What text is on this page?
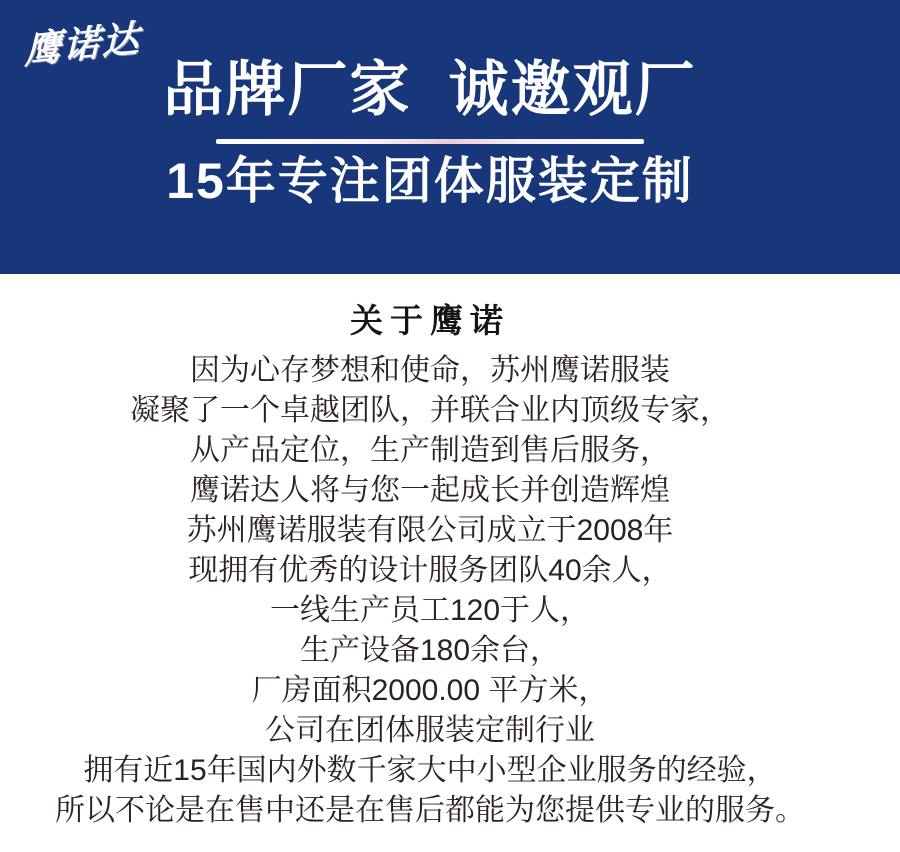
鹰诺达
品牌厂家  诚邀观厂
15年专注团体服装定制
关于鹰诺

因为心存梦想和使命，苏州鹰诺服装

凝聚了一个卓越团队，并联合业内顶级专家，

从产品定位，生产制造到售后服务，

鹰诺达人将与您一起成长并创造辉煌

苏州鹰诺服装有限公司成立于2008年

现拥有优秀的设计服务团队40余人，

一线生产员工120于人，

生产设备180余台，

厂房面积2000.00 平方米，

公司在团体服装定制行业

拥有近15年国内外数千家大中小型企业服务的经验，

所以不论是在售中还是在售后都能为您提供专业的服务。
